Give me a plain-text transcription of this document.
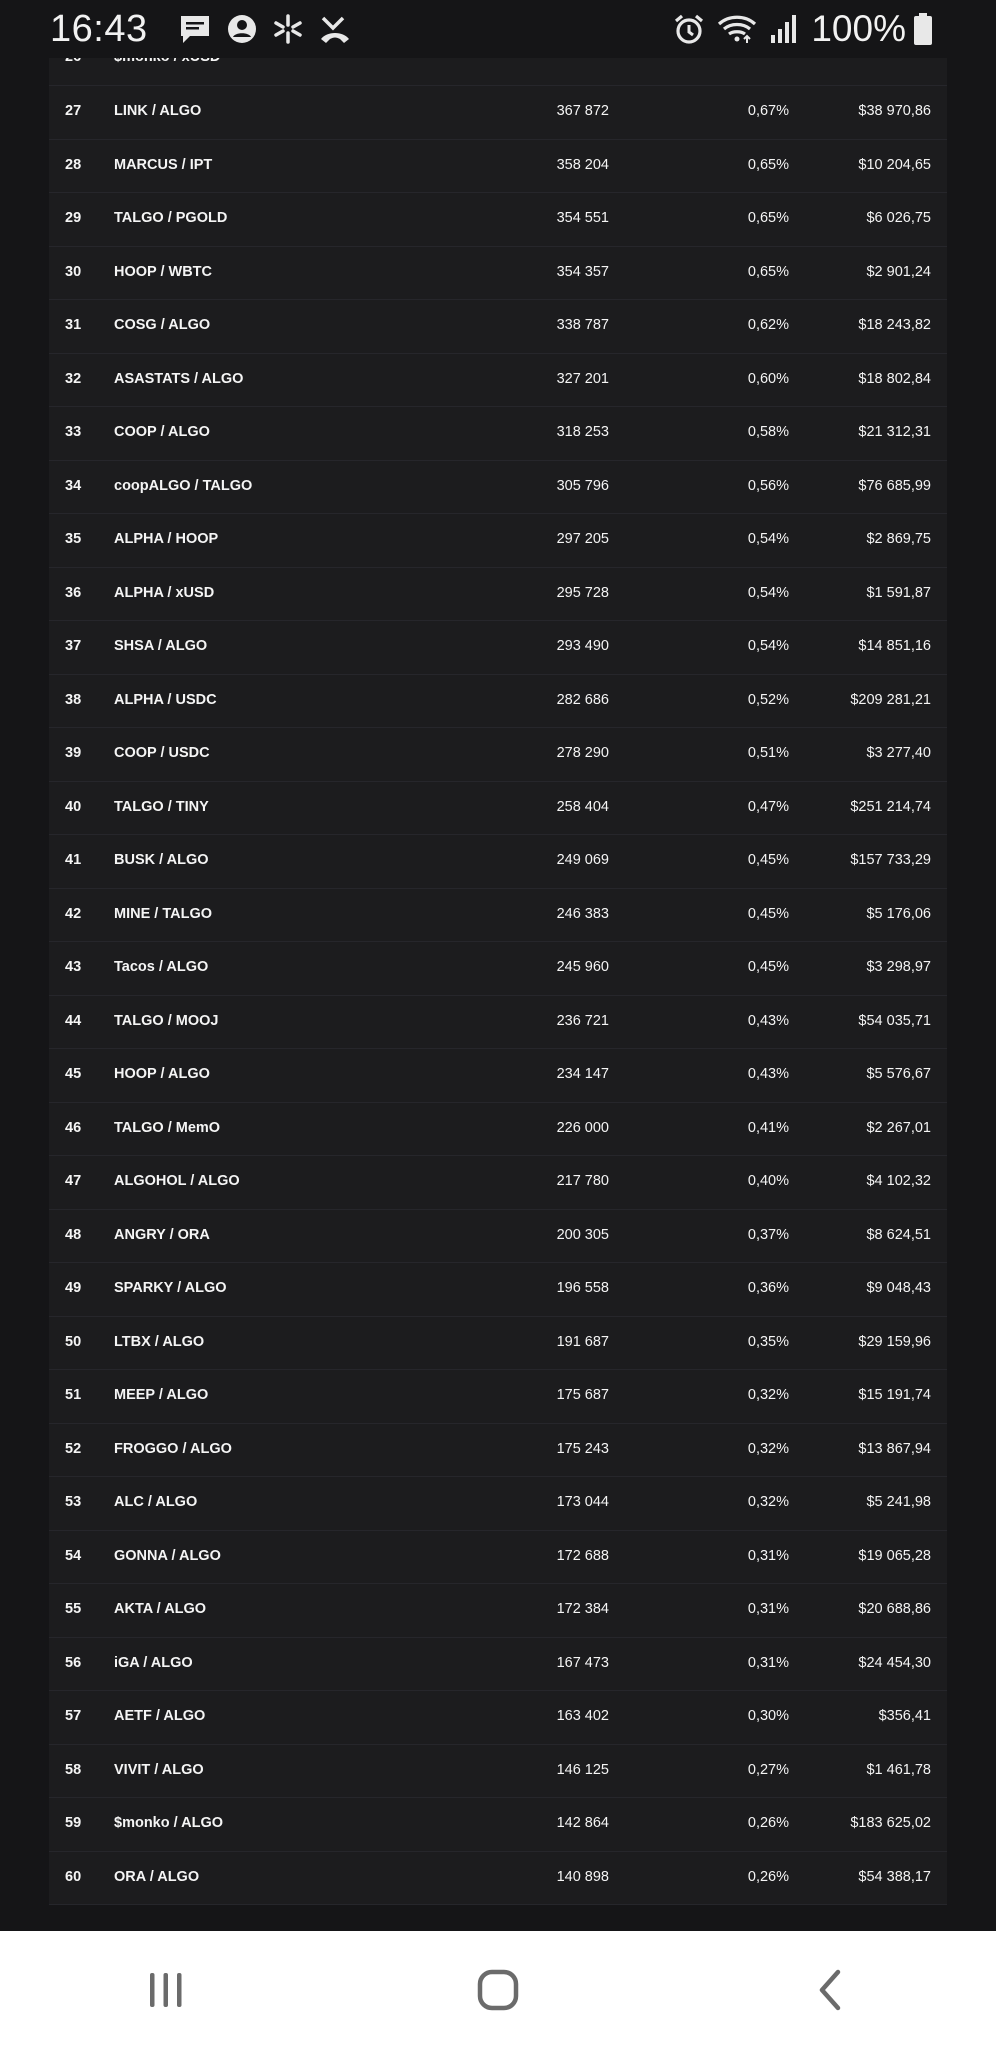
16:43	100%
27	LINK / ALGO	367 872	0,67%	$38 970,86
28	MARCUS / IPT	358 204	0,65%	$10 204,65
29	TALGO / PGOLD	354 551	0,65%	$6 026,75
30	HOOP / WBTC	354 357	0,65%	$2 901,24
31	COSG / ALGO	338 787	0,62%	$18 243,82
32	ASASTATS / ALGO	327 201	0,60%	$18 802,84
33	COOP / ALGO	318 253	0,58%	$21 312,31
34	coopALGO / TALGO	305 796	0,56%	$76 685,99
35	ALPHA / HOOP	297 205	0,54%	$2 869,75
36	ALPHA / xUSD	295 728	0,54%	$1 591,87
37	SHSA / ALGO	293 490	0,54%	$14 851,16
38	ALPHA / USDC	282 686	0,52%	$209 281,21
39	COOP / USDC	278 290	0,51%	$3 277,40
40	TALGO / TINY	258 404	0,47%	$251 214,74
41	BUSK / ALGO	249 069	0,45%	$157 733,29
42	MINE / TALGO	246 383	0,45%	$5 176,06
43	Tacos / ALGO	245 960	0,45%	$3 298,97
44	TALGO / MOOJ	236 721	0,43%	$54 035,71
45	HOOP / ALGO	234 147	0,43%	$5 576,67
46	TALGO / MemO	226 000	0,41%	$2 267,01
47	ALGOHOL / ALGO	217 780	0,40%	$4 102,32
48	ANGRY / ORA	200 305	0,37%	$8 624,51
49	SPARKY / ALGO	196 558	0,36%	$9 048,43
50	LTBX / ALGO	191 687	0,35%	$29 159,96
51	MEEP / ALGO	175 687	0,32%	$15 191,74
52	FROGGO / ALGO	175 243	0,32%	$13 867,94
53	ALC / ALGO	173 044	0,32%	$5 241,98
54	GONNA / ALGO	172 688	0,31%	$19 065,28
55	AKTA / ALGO	172 384	0,31%	$20 688,86
56	iGA / ALGO	167 473	0,31%	$24 454,30
57	AETF / ALGO	163 402	0,30%	$356,41
58	VIVIT / ALGO	146 125	0,27%	$1 461,78
59	$monko / ALGO	142 864	0,26%	$183 625,02
60	ORA / ALGO	140 898	0,26%	$54 388,17
